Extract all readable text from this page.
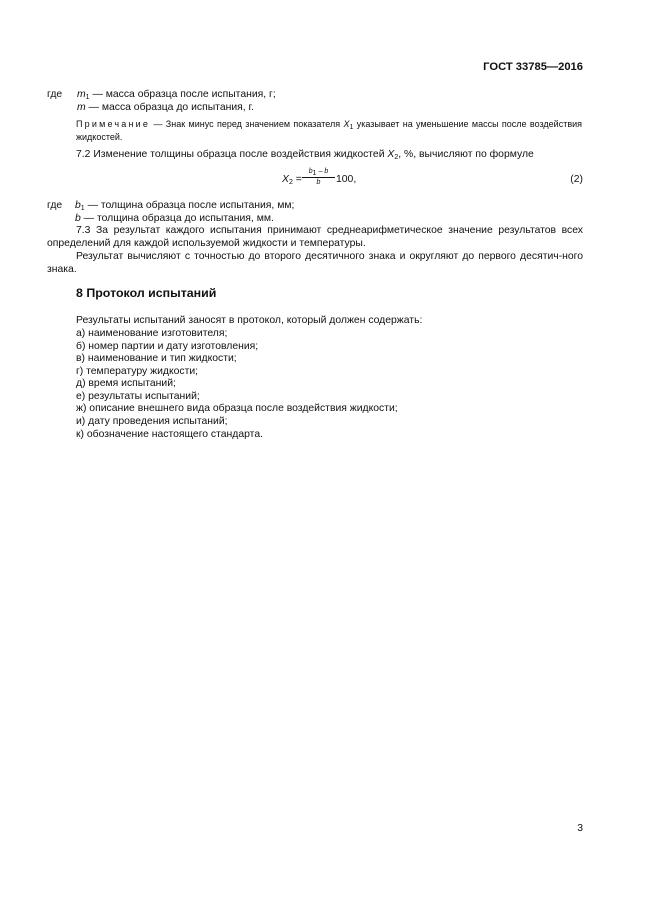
ГОСТ 33785—2016
где $m_1$ — масса образца после испытания, г;
m — масса образца до испытания, г.
Примечание — Знак минус перед значением показателя $X_1$ указывает на уменьшение массы после воздействия жидкостей.
7.2 Изменение толщины образца после воздействия жидкостей $X_2$, %, вычисляют по формуле
$X_2 = \frac{b_1 - b}{b} 100$,	(2)
где $b_1$ — толщина образца после испытания, мм;
b — толщина образца до испытания, мм.
7.3 За результат каждого испытания принимают среднеарифметическое значение результатов всех определений для каждой используемой жидкости и температуры.
Результат вычисляют с точностью до второго десятичного знака и округляют до первого десятич-ного знака.
8 Протокол испытаний
Результаты испытаний заносят в протокол, который должен содержать:
а) наименование изготовителя;
б) номер партии и дату изготовления;
в) наименование и тип жидкости;
г) температуру жидкости;
д) время испытаний;
е) результаты испытаний;
ж) описание внешнего вида образца после воздействия жидкости;
и) дату проведения испытаний;
к) обозначение настоящего стандарта.
3
